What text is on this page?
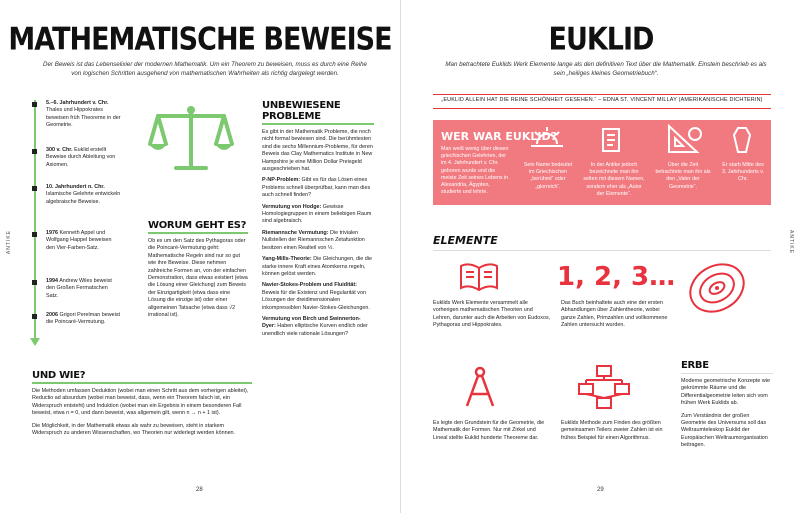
MATHEMATISCHE BEWEISE

Der Beweis ist das Lebenselixier der modernen Mathematik. Um ein Theorem zu beweisen, muss es durch eine Reihe von logischen Schritten ausgehend von mathematischen Wahrheiten als richtig dargelegt werden.

ANTIKE
5.–6. Jahrhundert v. Chr.
Thales und Hippokrates beweisen früh Theoreme in der Geometrie.
300 v. Chr. Euklid erstellt Beweise durch Ableitung von Axiomen.
10. Jahrhundert n. Chr.
Islamische Gelehrte entwickeln algebraische Beweise.
1976 Kenneth Appel und Wolfgang Happel beweisen den Vier-Farben-Satz.
1994 Andrew Wiles beweist den Großen Fermatschen Satz.
2006 Grigori Perelman beweist die Poincaré-Vermutung.
WORUM GEHT ES?

Ob es um den Satz des Pythagoras oder die Poincaré-Vermutung geht: Mathematische Regeln sind nur so gut wie ihre Beweise. Diese nehmen zahlreiche Formen an, von der einfachen Demonstration, dass etwas existiert (etwa die Lösung einer Gleichung) zum Beweis der Einzigartigkeit (etwa dass eine Lösung die einzige ist) oder einer allgemeinen Tatsache (etwa dass √2 irrational ist).

UNBEWIESENE PROBLEME

Es gibt in der Mathematik Probleme, die noch nicht formal bewiesen sind. Die berühmtesten sind die sechs Millennium-Probleme, für deren Beweis das Clay Mathematics Institute in New Hampshire je eine Million Dollar Preisgeld ausgeschrieben hat.

P-NP-Problem: Gibt es für das Lösen eines Problems schnell überprüfbar, kann man dies auch schnell finden?

Vermutung von Hodge: Gewisse Homologiegruppen in einem beliebigen Raum sind algebraisch.

Riemannsche Vermutung: Die trivialen Nullstellen der Riemannschen Zetafunktion besitzen einen Realteil von ½.

Yang-Mills-Theorie: Die Gleichungen, die die starke innere Kraft eines Atomkerns regeln, können gelöst werden.

Navier-Stokes-Problem und Fluidität: Beweis für die Existenz und Regularität von Lösungen der dreidimensionalen inkompressiblen Navier-Stokes-Gleichungen.

Vermutung von Birch und Swinnerton-Dyer: Haben elliptische Kurven endlich oder unendlich viele rationale Lösungen?

UND WIE?

Die Methoden umfassen Deduktion (wobei man einen Schritt aus dem vorherigen ableitet), Reductio ad absurdum (wobei man beweist, dass, wenn ein Theorem falsch ist, ein Widerspruch entsteht) und Induktion (wobei man ein Ergebnis in einem besonderen Fall beweist, etwa n = 0, und dann beweist, was allgemein gilt, wenn n → n + 1 ist).

Die Möglichkeit, in der Mathematik etwas als wahr zu beweisen, steht in starkem Widerspruch zu anderen Wissenschaften, wo Theorien nur widerlegt werden können.

28
EUKLID

Man betrachtete Euklids Werk Elemente lange als den definitiven Text über die Mathematik. Einstein beschrieb es als sein „heiliges kleines Geometriebuch“.

ANTIKE
„EUKLID ALLEIN HAT DIE REINE SCHÖNHEIT GESEHEN.“ – EDNA ST. VINCENT MILLAY (AMERIKANISCHE DICHTERIN)
WER WAR EUKLID?
Man weiß wenig über diesen griechischen Gelehrten, der im 4. Jahrhundert v. Chr. geboren wurde und die meiste Zeit seines Lebens in Alexandria, Ägypten, studierte und lehrte.
Sein Name bedeutet im Griechischen „berühmt“ oder „glorreich“.
In der Antike jedoch bezeichnete man ihn selten mit diesem Namen, sondern eher als „Autor der Elemente“.
Über die Zeit betrachtete man ihn als den „Vater der Geometrie“.
Er starb Mitte des 3. Jahrhunderts v. Chr.
ELEMENTE
1, 2, 3…

Euklids Werk Elemente versammelt alle vorherigen mathematischen Theorien und Lehren, darunter auch die Arbeiten von Eudoxos, Pythagoras und Hippokrates.

Das Buch beinhaltete auch eine der ersten Abhandlungen über Zahlentheorie, wobei ganze Zahlen, Primzahlen und vollkommene Zahlen untersucht wurden.

Es legte den Grundstein für die Geometrie, die Mathematik der Formen. Nur mit Zirkel und Lineal stellte Euklid hunderte Theoreme dar.

Euklids Methode zum Finden des größten gemeinsamen Teilers zweier Zahlen ist ein frühes Beispiel für einen Algorithmus.

ERBE

Moderne geometrische Konzepte wie gekrümmte Räume und die Differentialgeometrie leiten sich vom frühen Werk Euklids ab.

Zum Verständnis der großen Geometrie des Universums soll das Weltraumteleskop Euklid der Europäischen Weltraumorganisation beitragen.

29
